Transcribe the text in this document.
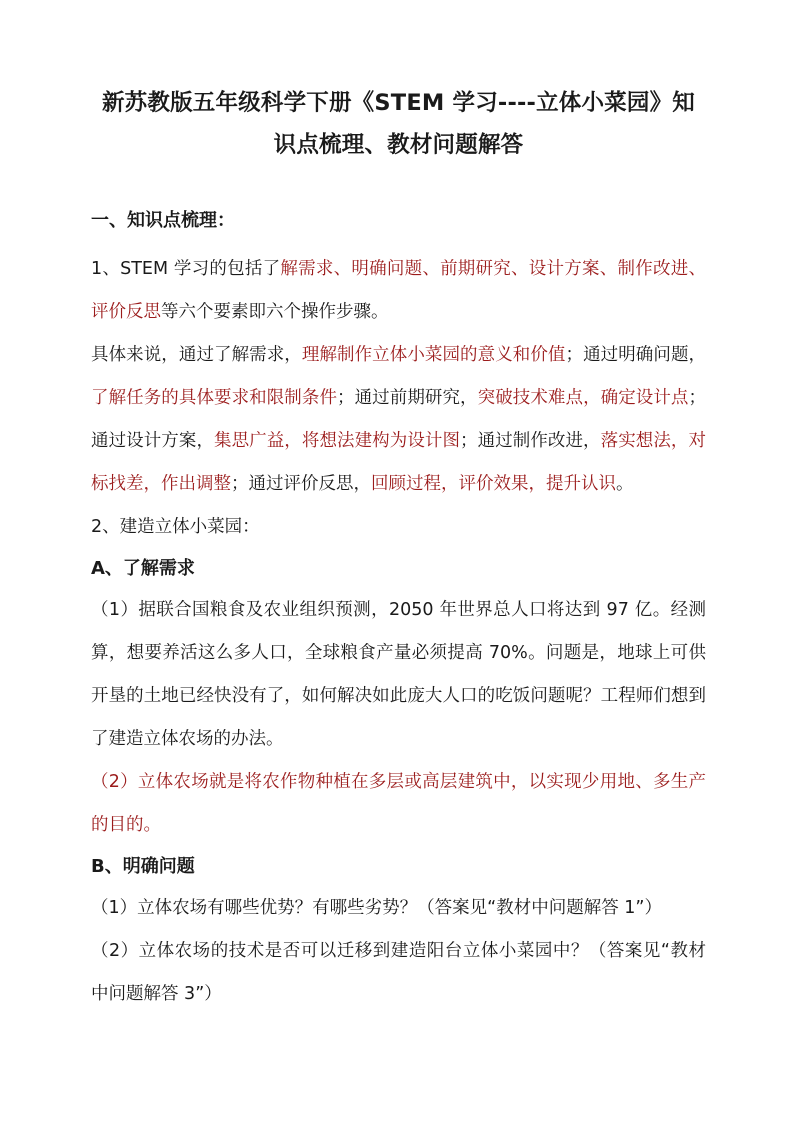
新苏教版五年级科学下册《STEM 学习----立体小菜园》知
识点梳理、教材问题解答
一、知识点梳理：

1、STEM 学习的包括了解需求、明确问题、前期研究、设计方案、制作改进、评价反思等六个要素即六个操作步骤。

具体来说，通过了解需求，理解制作立体小菜园的意义和价值；通过明确问题，了解任务的具体要求和限制条件；通过前期研究，突破技术难点，确定设计点；通过设计方案，集思广益，将想法建构为设计图；通过制作改进，落实想法，对标找差，作出调整；通过评价反思，回顾过程，评价效果，提升认识。

2、建造立体小菜园：

A、了解需求

（1）据联合国粮食及农业组织预测，2050 年世界总人口将达到 97 亿。经测算，想要养活这么多人口，全球粮食产量必须提高 70%。问题是，地球上可供开垦的土地已经快没有了，如何解决如此庞大人口的吃饭问题呢？工程师们想到了建造立体农场的办法。

（2）立体农场就是将农作物种植在多层或高层建筑中，以实现少用地、多生产的目的。

B、明确问题

（1）立体农场有哪些优势？有哪些劣势？（答案见“教材中问题解答 1”）

（2）立体农场的技术是否可以迁移到建造阳台立体小菜园中？（答案见“教材中问题解答 3”）
